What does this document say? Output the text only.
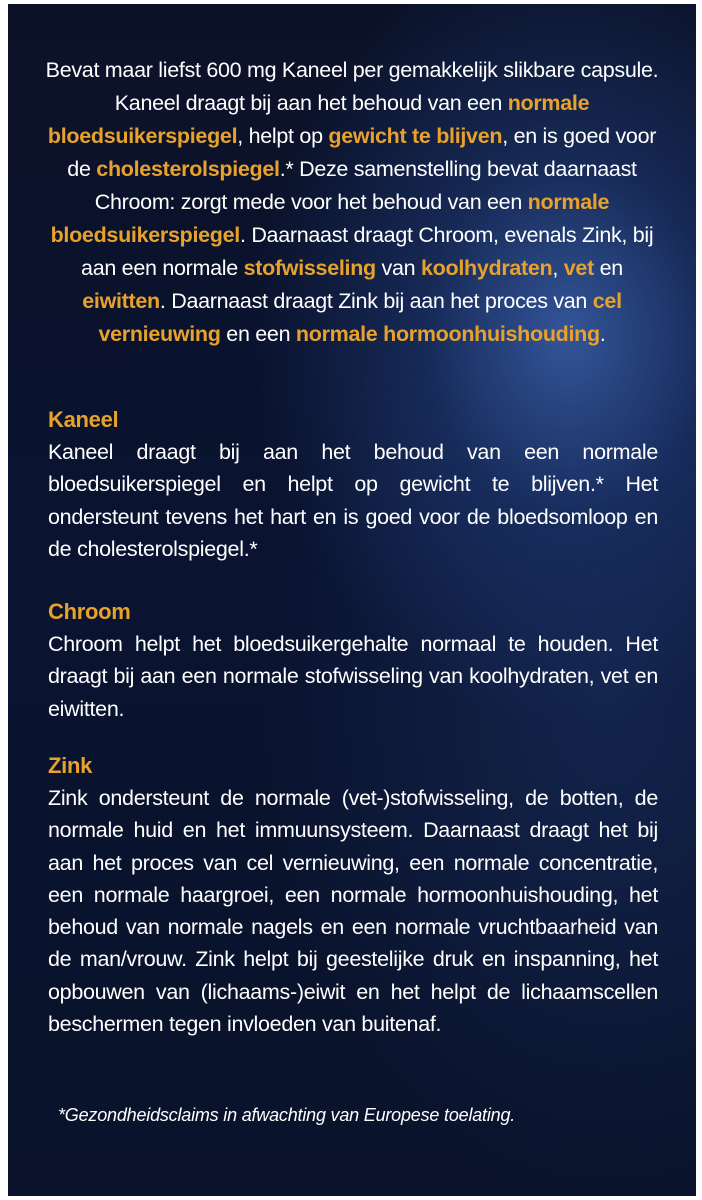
Bevat maar liefst 600 mg Kaneel per gemakkelijk slikbare capsule. Kaneel draagt bij aan het behoud van een normale bloedsuikerspiegel, helpt op gewicht te blijven, en is goed voor de cholesterolspiegel.* Deze samenstelling bevat daarnaast Chroom: zorgt mede voor het behoud van een normale bloedsuikerspiegel. Daarnaast draagt Chroom, evenals Zink, bij aan een normale stofwisseling van koolhydraten, vet en eiwitten. Daarnaast draagt Zink bij aan het proces van cel vernieuwing en een normale hormoonhuishouding.

Kaneel

Kaneel draagt bij aan het behoud van een normale bloedsuikerspiegel en helpt op gewicht te blijven.* Het ondersteunt tevens het hart en is goed voor de bloedsomloop en de cholesterolspiegel.*

Chroom

Chroom helpt het bloedsuikergehalte normaal te houden. Het draagt bij aan een normale stofwisseling van koolhydraten, vet en eiwitten.

Zink

Zink ondersteunt de normale (vet-)stofwisseling, de botten, de normale huid en het immuunsysteem. Daarnaast draagt het bij aan het proces van cel vernieuwing, een normale concentratie, een normale haargroei, een normale hormoonhuishouding, het behoud van normale nagels en een normale vruchtbaarheid van de man/vrouw. Zink helpt bij geestelijke druk en inspanning, het opbouwen van (lichaams-)eiwit en het helpt de lichaamscellen beschermen tegen invloeden van buitenaf.

*Gezondheidsclaims in afwachting van Europese toelating.
